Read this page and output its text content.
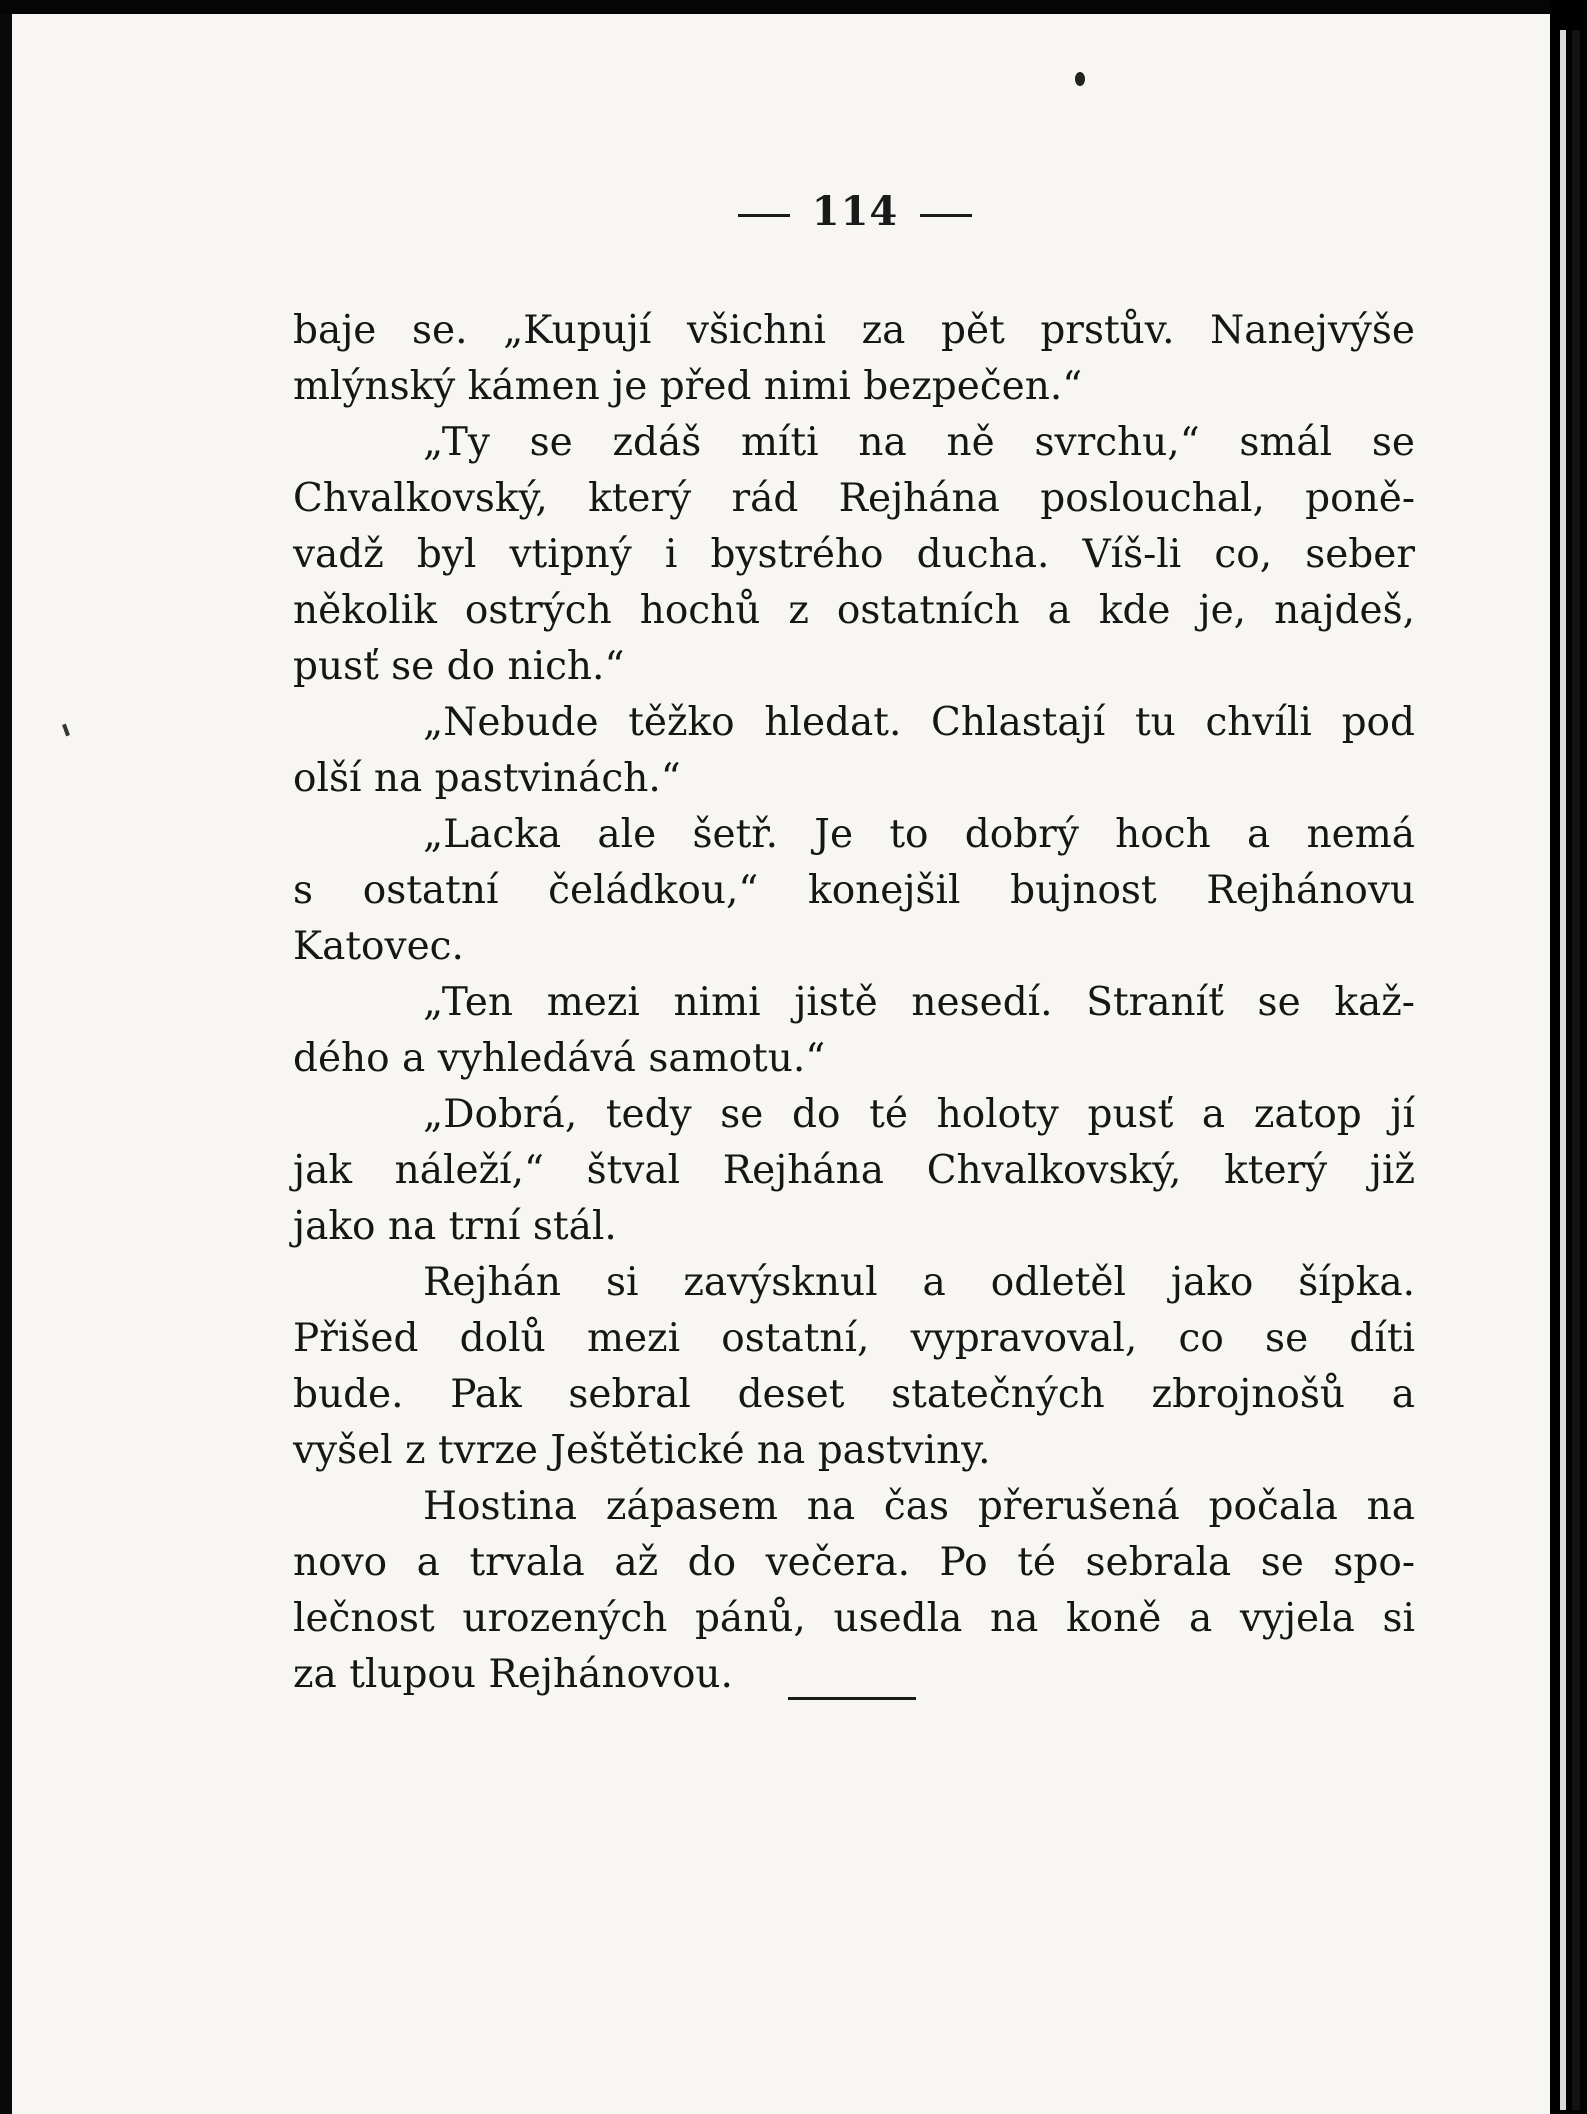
114
baje se. „Kupují všichni za pět prstův. Nanejvýše
mlýnský kámen je před nimi bezpečen.“
„Ty se zdáš míti na ně svrchu,“ smál se
Chvalkovský, který rád Rejhána poslouchal, poně-
vadž byl vtipný i bystrého ducha. Víš-li co, seber
několik ostrých hochů z ostatních a kde je, najdeš,
pusť se do nich.“
„Nebude těžko hledat. Chlastají tu chvíli pod
olší na pastvinách.“
„Lacka ale šetř. Je to dobrý hoch a nemá
s ostatní čeládkou,“ konejšil bujnost Rejhánovu
Katovec.
„Ten mezi nimi jistě nesedí. Straníť se kaž-
dého a vyhledává samotu.“
„Dobrá, tedy se do té holoty pusť a zatop jí
jak náleží,“ štval Rejhána Chvalkovský, který již
jako na trní stál.
Rejhán si zavýsknul a odletěl jako šípka.
Přišed dolů mezi ostatní, vypravoval, co se díti
bude. Pak sebral deset statečných zbrojnošů a
vyšel z tvrze Ještětické na pastviny.
Hostina zápasem na čas přerušená počala na
novo a trvala až do večera. Po té sebrala se spo-
lečnost urozených pánů, usedla na koně a vyjela si
za tlupou Rejhánovou.
